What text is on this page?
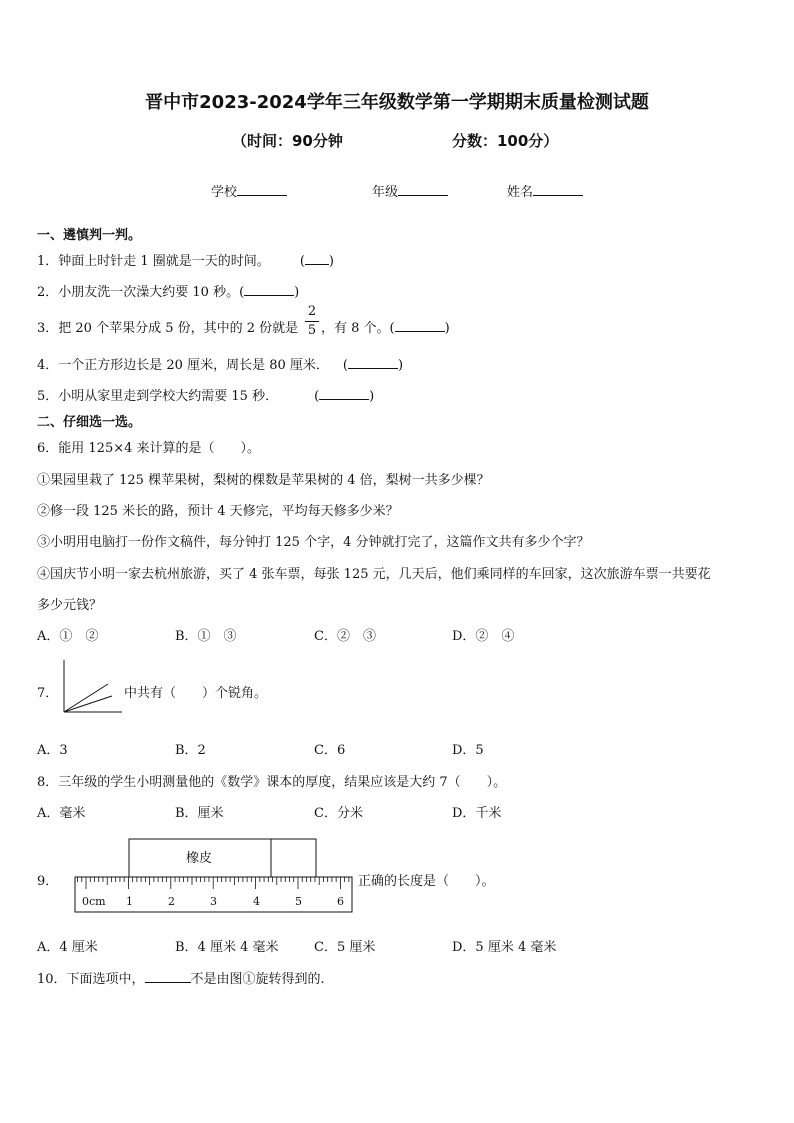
晋中市2023-2024学年三年级数学第一学期期末质量检测试题
（时间：90分钟	分数：100分）
学校	年级	姓名
一、遴慎判一判。
1．钟面上时针走 1 圈就是一天的时间。 ( )
2．小朋友洗一次澡大约要 10 秒。(	)
3．把 20 个苹果分成 5 份，其中的 2 份就是
2
5 ，有 8 个。(	)
4．一个正方形边长是 20 厘米，周长是 80 厘米． (	)
5．小明从家里走到学校大约需要 15 秒．	(	)
二、仔细选一选。
6．能用 125×4 来计算的是（　　）。
①果园里栽了 125 棵苹果树，梨树的棵数是苹果树的 4 倍，梨树一共多少棵？
②修一段 125 米长的路，预计 4 天修完，平均每天修多少米？
③小明用电脑打一份作文稿件，每分钟打 125 个字，4 分钟就打完了，这篇作文共有多少个字？
④国庆节小明一家去杭州旅游，买了 4 张车票，每张 125 元，几天后，他们乘同样的车回家，这次旅游车票一共要花
多少元钱？
A．①　②	B．①　③	C．②　③	D．②　④
7．	中共有（　　）个锐角。
A．3	B．2	C．6	D．5
8．三年级的学生小明测量他的《数学》课本的厚度，结果应该是大约 7（　　）。
A．毫米	B．厘米	C．分米	D．千米
9．
橡皮
0cm 1	2	3	4	5	6
正确的长度是（　　）。
A．4 厘米	B．4 厘米 4 毫米	C．5 厘米	D．5 厘米 4 毫米
10．下面选项中，	不是由图①旋转得到的.
